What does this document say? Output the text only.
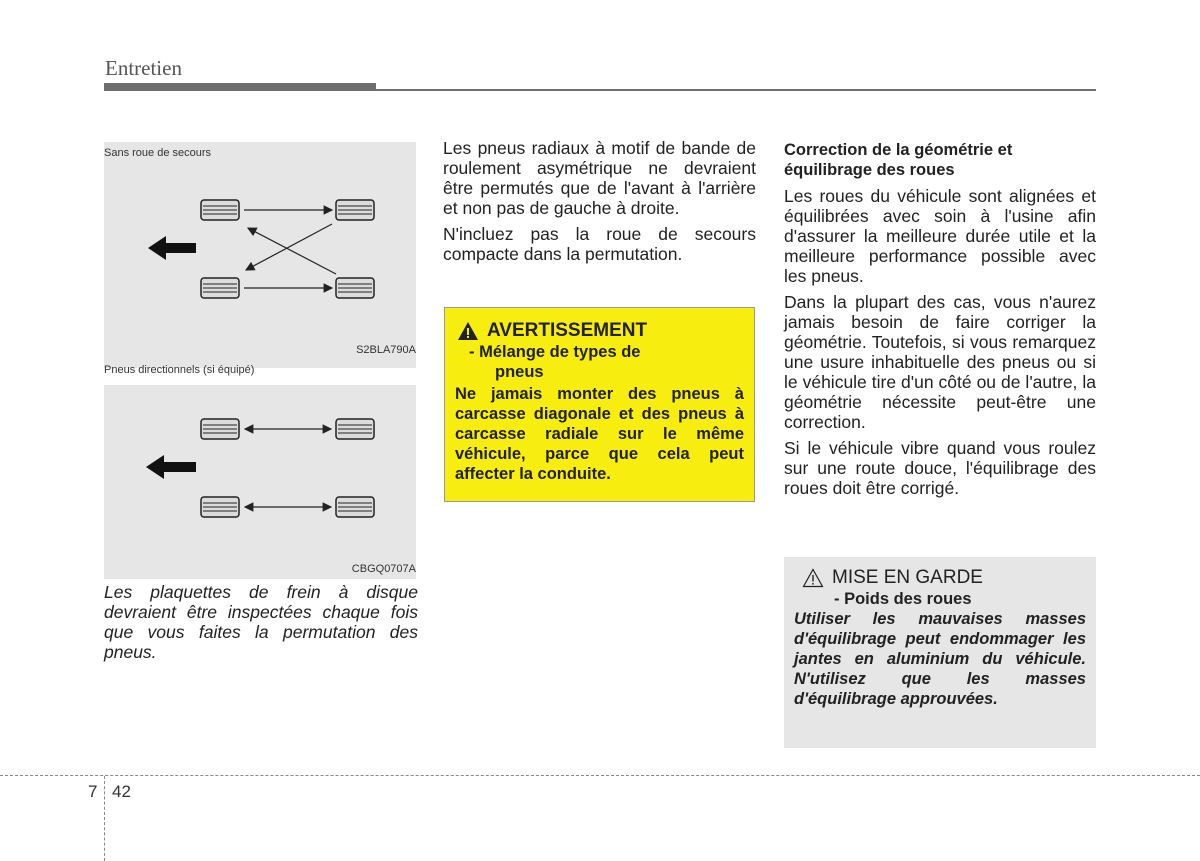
Entretien
Sans roue de secours
S2BLA790A
Pneus directionnels (si équipé)
CBGQ0707A
Les plaquettes de frein à disque devraient être inspectées chaque fois que vous faites la permutation des pneus.

Les pneus radiaux à motif de bande de roulement asymétrique ne devraient être permutés que de l'avant à l'arrière et non pas de gauche à droite.

N'incluez pas la roue de secours compacte dans la permutation.

AVERTISSEMENT
- Mélange de types de
pneus
Ne jamais monter des pneus à carcasse diagonale et des pneus à carcasse radiale sur le même véhicule, parce que cela peut affecter la conduite.
Correction de la géométrie et équilibrage des roues

Les roues du véhicule sont alignées et équilibrées avec soin à l'usine afin d'assurer la meilleure durée utile et la meilleure performance possible avec les pneus.

Dans la plupart des cas, vous n'aurez jamais besoin de faire corriger la géométrie. Toutefois, si vous remarquez une usure inhabituelle des pneus ou si le véhicule tire d'un côté ou de l'autre, la géométrie nécessite peut-être une correction.

Si le véhicule vibre quand vous roulez sur une route douce, l'équilibrage des roues doit être corrigé.

MISE EN GARDE
- Poids des roues
Utiliser les mauvaises masses d'équilibrage peut endommager les jantes en aluminium du véhicule. N'utilisez que les masses d'équilibrage approuvées.
7 42
